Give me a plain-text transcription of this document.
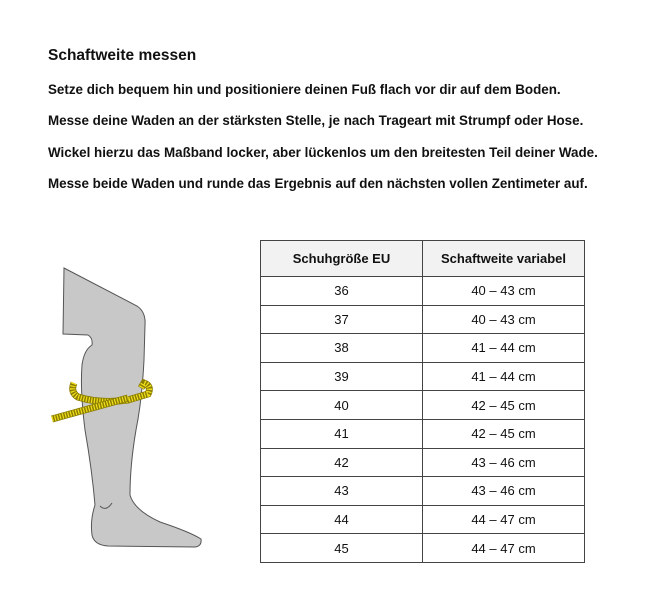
Schaftweite messen

Setze dich bequem hin und positioniere deinen Fuß flach vor dir auf dem Boden.

Messe deine Waden an der stärksten Stelle, je nach Trageart mit Strumpf oder Hose.

Wickel hierzu das Maßband locker, aber lückenlos um den breitesten Teil deiner Wade.

Messe beide Waden und runde das Ergebnis auf den nächsten vollen Zentimeter auf.

Schuhgröße EU	Schaftweite variabel
36	40 – 43 cm
37	40 – 43 cm
38	41 – 44 cm
39	41 – 44 cm
40	42 – 45 cm
41	42 – 45 cm
42	43 – 46 cm
43	43 – 46 cm
44	44 – 47 cm
45	44 – 47 cm
